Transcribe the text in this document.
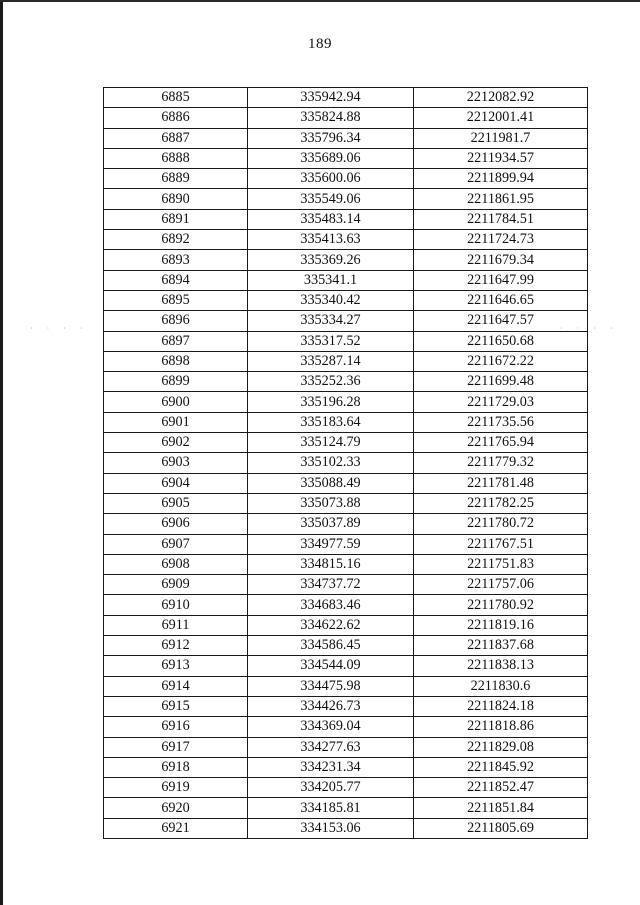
189
· · · ·	· · · ·
6885	335942.94	2212082.92
6886	335824.88	2212001.41
6887	335796.34	2211981.7
6888	335689.06	2211934.57
6889	335600.06	2211899.94
6890	335549.06	2211861.95
6891	335483.14	2211784.51
6892	335413.63	2211724.73
6893	335369.26	2211679.34
6894	335341.1	2211647.99
6895	335340.42	2211646.65
6896	335334.27	2211647.57
6897	335317.52	2211650.68
6898	335287.14	2211672.22
6899	335252.36	2211699.48
6900	335196.28	2211729.03
6901	335183.64	2211735.56
6902	335124.79	2211765.94
6903	335102.33	2211779.32
6904	335088.49	2211781.48
6905	335073.88	2211782.25
6906	335037.89	2211780.72
6907	334977.59	2211767.51
6908	334815.16	2211751.83
6909	334737.72	2211757.06
6910	334683.46	2211780.92
6911	334622.62	2211819.16
6912	334586.45	2211837.68
6913	334544.09	2211838.13
6914	334475.98	2211830.6
6915	334426.73	2211824.18
6916	334369.04	2211818.86
6917	334277.63	2211829.08
6918	334231.34	2211845.92
6919	334205.77	2211852.47
6920	334185.81	2211851.84
6921	334153.06	2211805.69
